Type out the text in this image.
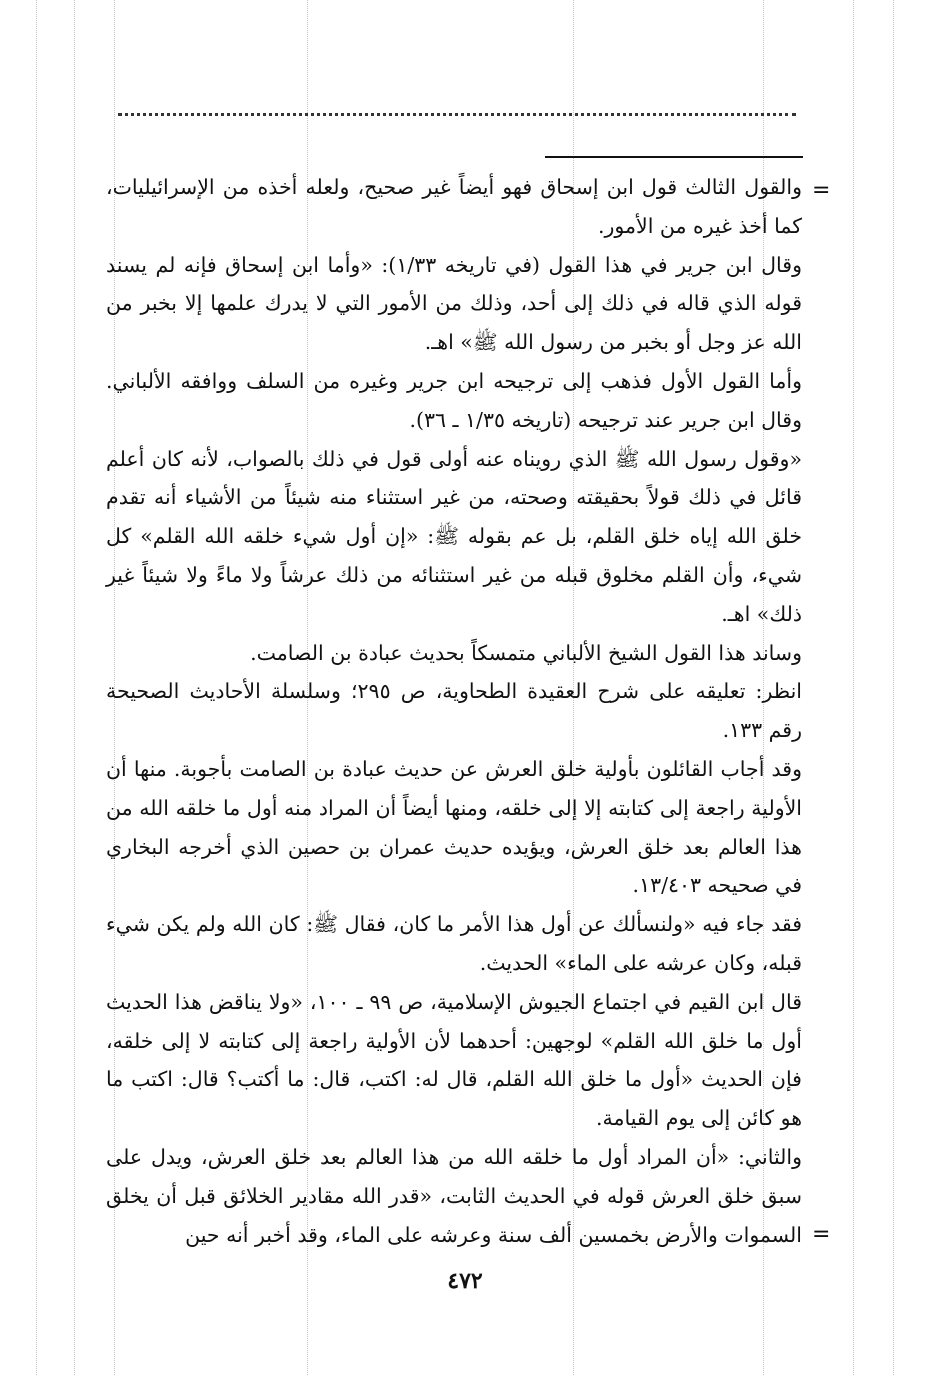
=

والقول الثالث قول ابن إسحاق فهو أيضاً غير صحيح، ولعله أخذه من الإسرائيليات، كما أخذ غيره من الأمور.

وقال ابن جرير في هذا القول (في تاريخه ١/٣٣): «وأما ابن إسحاق فإنه لم يسند قوله الذي قاله في ذلك إلى أحد، وذلك من الأمور التي لا يدرك علمها إلا بخبر من الله عز وجل أو بخبر من رسول الله ﷺ» اهـ.

وأما القول الأول فذهب إلى ترجيحه ابن جرير وغيره من السلف ووافقه الألباني. وقال ابن جرير عند ترجيحه (تاريخه ١/٣٥ ـ ٣٦).

«وقول رسول الله ﷺ الذي رويناه عنه أولى قول في ذلك بالصواب، لأنه كان أعلم قائل في ذلك قولاً بحقيقته وصحته، من غير استثناء منه شيئاً من الأشياء أنه تقدم خلق الله إياه خلق القلم، بل عم بقوله ﷺ: «إن أول شيء خلقه الله القلم» كل شيء، وأن القلم مخلوق قبله من غير استثنائه من ذلك عرشاً ولا ماءً ولا شيئاً غير ذلك» اهـ.

وساند هذا القول الشيخ الألباني متمسكاً بحديث عبادة بن الصامت.

انظر: تعليقه على شرح العقيدة الطحاوية، ص ٢٩٥؛ وسلسلة الأحاديث الصحيحة رقم ١٣٣.

وقد أجاب القائلون بأولية خلق العرش عن حديث عبادة بن الصامت بأجوبة. منها أن الأولية راجعة إلى كتابته إلا إلى خلقه، ومنها أيضاً أن المراد منه أول ما خلقه الله من هذا العالم بعد خلق العرش، ويؤيده حديث عمران بن حصين الذي أخرجه البخاري في صحيحه ١٣/٤٠٣.

فقد جاء فيه «ولنسألك عن أول هذا الأمر ما كان، فقال ﷺ: كان الله ولم يكن شيء قبله، وكان عرشه على الماء» الحديث.

قال ابن القيم في اجتماع الجيوش الإسلامية، ص ٩٩ ـ ١٠٠، «ولا يناقض هذا الحديث أول ما خلق الله القلم» لوجهين: أحدهما لأن الأولية راجعة إلى كتابته لا إلى خلقه، فإن الحديث «أول ما خلق الله القلم، قال له: اكتب، قال: ما أكتب؟ قال: اكتب ما هو كائن إلى يوم القيامة.

والثاني: «أن المراد أول ما خلقه الله من هذا العالم بعد خلق العرش، ويدل على سبق خلق العرش قوله في الحديث الثابت، «قدر الله مقادير الخلائق قبل أن يخلق السموات والأرض بخمسين ألف سنة وعرشه على الماء، وقد أخبر أنه حين =
٤٧٢
